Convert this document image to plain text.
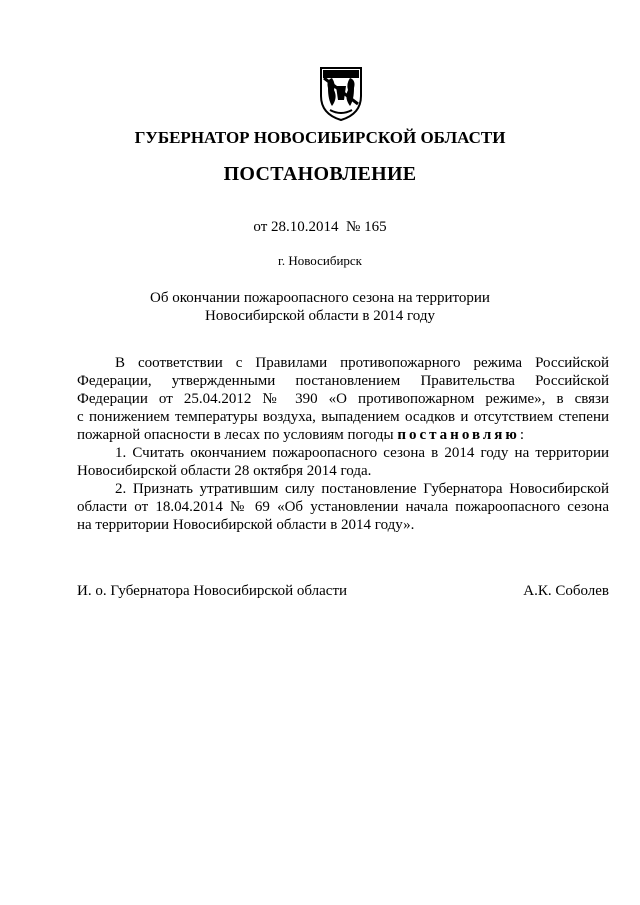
ГУБЕРНАТОР НОВОСИБИРСКОЙ ОБЛАСТИ
ПОСТАНОВЛЕНИЕ
от 28.10.2014 № 165
г. Новосибирск
Об окончании пожароопасного сезона на территории
Новосибирской области в 2014 году
В соответствии с Правилами противопожарного режима Российской
Федерации, утвержденными постановлением Правительства Российской
Федерации от 25.04.2012 № 390 «О противопожарном режиме», в связи
с понижением температуры воздуха, выпадением осадков и отсутствием степени
пожарной опасности в лесах по условиям погоды постановляю:
1. Считать окончанием пожароопасного сезона в 2014 году на территории
Новосибирской области 28 октября 2014 года.
2. Признать утратившим силу постановление Губернатора Новосибирской
области от 18.04.2014 № 69 «Об установлении начала пожароопасного сезона
на территории Новосибирской области в 2014 году».
И. о. Губернатора Новосибирской области	А.К. Соболев
